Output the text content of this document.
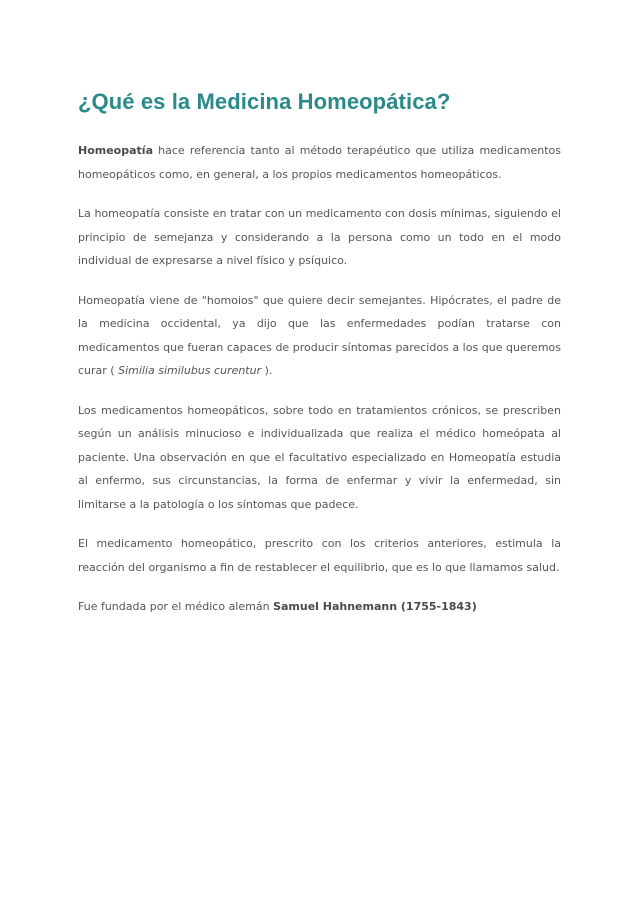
¿Qué es la Medicina Homeopática?

Homeopatía hace referencia tanto al método terapéutico que utiliza medicamentos homeopáticos como, en general, a los propios medicamentos homeopáticos.

La homeopatía consiste en tratar con un medicamento con dosis mínimas, siguiendo el principio de semejanza y considerando a la persona como un todo en el modo individual de expresarse a nivel físico y psíquico.

Homeopatía viene de "homoios" que quiere decir semejantes. Hipócrates, el padre de la medicina occidental, ya dijo que las enfermedades podían tratarse con medicamentos que fueran capaces de producir síntomas parecidos a los que queremos curar ( Similia similubus curentur ).

Los medicamentos homeopáticos, sobre todo en tratamientos crónicos, se prescriben según un análisis minucioso e individualizada que realiza el médico homeópata al paciente. Una observación en que el facultativo especializado en Homeopatía estudia al enfermo, sus circunstancias, la forma de enfermar y vivir la enfermedad, sin limitarse a la patología o los síntomas que padece.

El medicamento homeopático, prescrito con los criterios anteriores, estimula la reacción del organismo a fin de restablecer el equilibrio, que es lo que llamamos salud.

Fue fundada por el médico alemán Samuel Hahnemann (1755-1843)
